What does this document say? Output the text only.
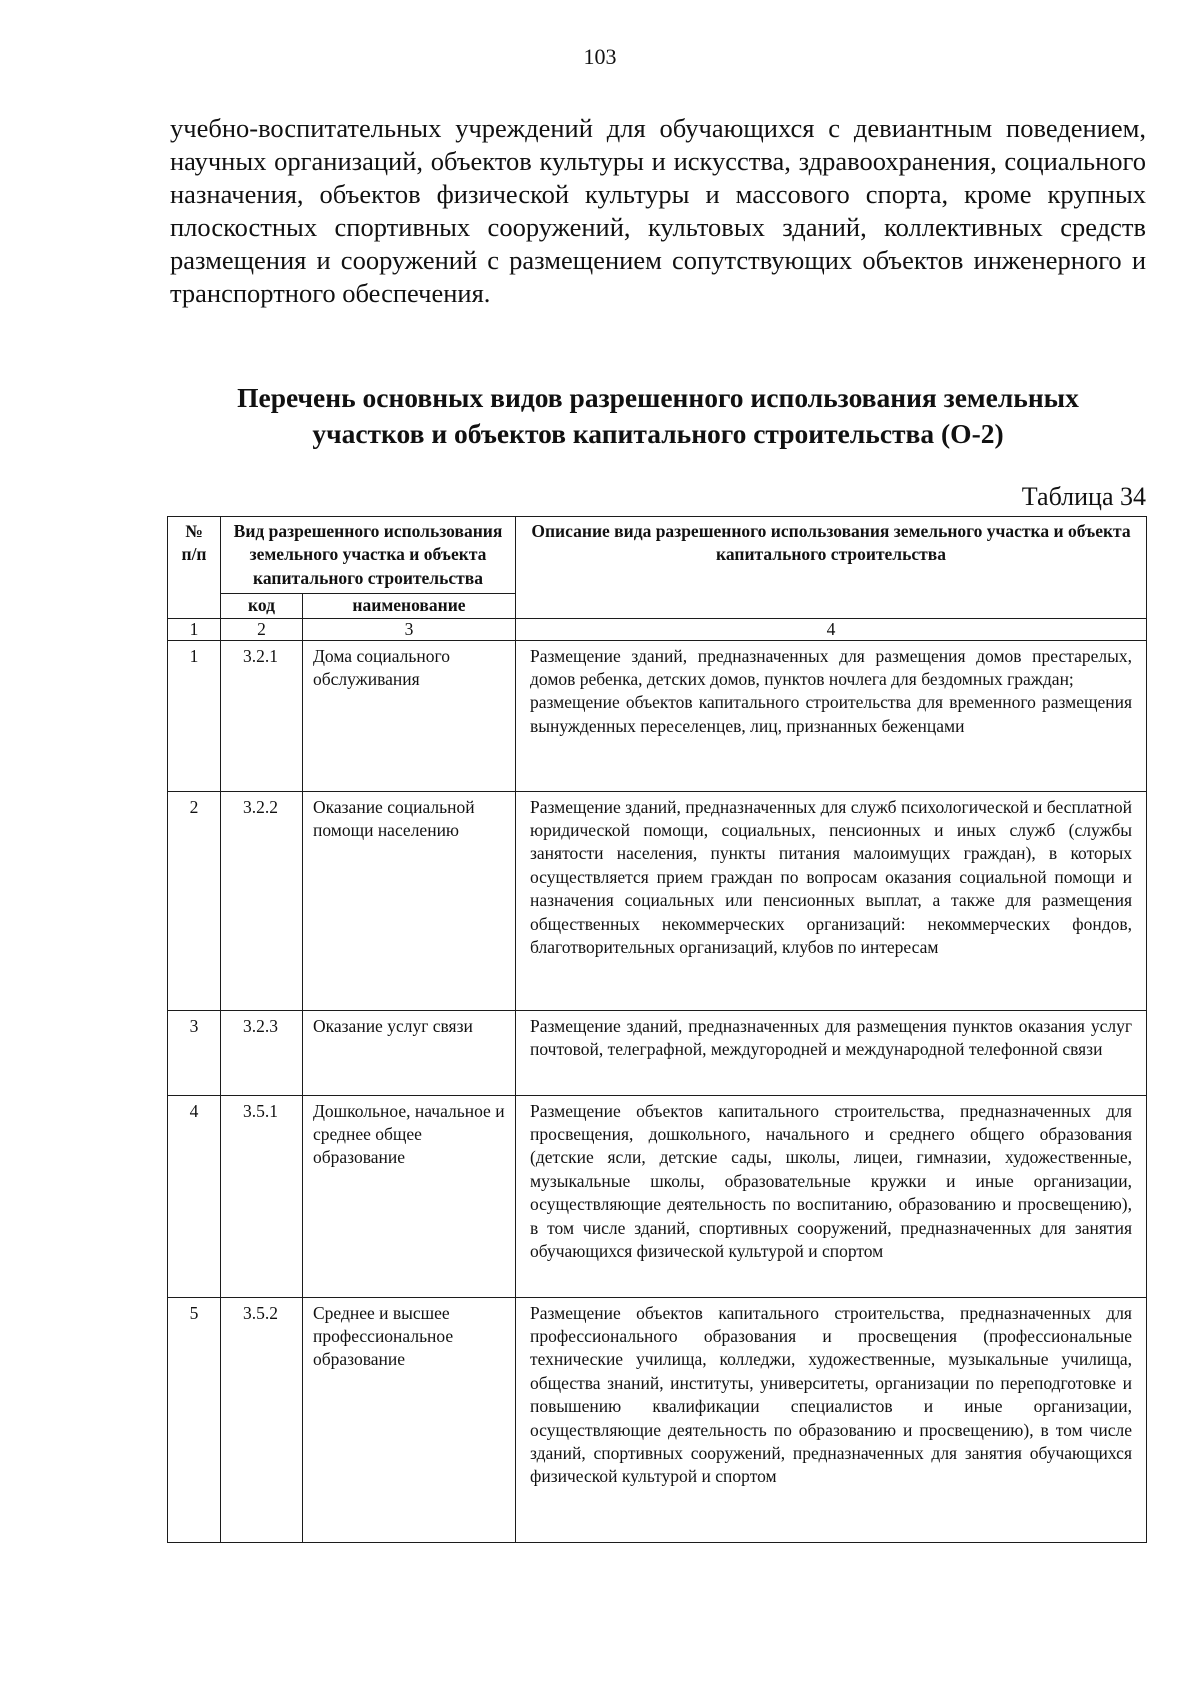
103
учебно-воспитательных учреждений для обучающихся с девиантным поведением, научных организаций, объектов культуры и искусства, здравоохранения, социального назначения, объектов физической культуры и массового спорта, кроме крупных плоскостных спортивных сооружений, культовых зданий, коллективных средств размещения и сооружений с размещением сопутствующих объектов инженерного и транспортного обеспечения.
Перечень основных видов разрешенного использования земельных
участков и объектов капитального строительства (О-2)
Таблица 34
№ п/п	Вид разрешенного использования земельного участка и объекта капитального строительства		Описание вида разрешенного использования земельного участка и объекта капитального строительства
	код	наименование	
1	2	3	4
1	3.2.1	Дома социального обслуживания	Размещение зданий, предназначенных для размещения домов престарелых, домов ребенка, детских домов, пунктов ночлега для бездомных граждан;
размещение объектов капитального строительства для временного размещения вынужденных переселенцев, лиц, признанных беженцами

2	3.2.2	Оказание социальной помощи населению	Размещение зданий, предназначенных для служб психологической и бесплатной юридической помощи, социальных, пенсионных и иных служб (службы занятости населения, пункты питания малоимущих граждан), в которых осуществляется прием граждан по вопросам оказания социальной помощи и назначения социальных или пенсионных выплат, а также для размещения общественных некоммерческих организаций: некоммерческих фондов, благотворительных организаций, клубов по интересам

3	3.2.3	Оказание услуг связи	Размещение зданий, предназначенных для размещения пунктов оказания услуг почтовой, телеграфной, междугородней и международной телефонной связи

4	3.5.1	Дошкольное, начальное и среднее общее образование	Размещение объектов капитального строительства, предназначенных для просвещения, дошкольного, начального и среднего общего образования (детские ясли, детские сады, школы, лицеи, гимназии, художественные, музыкальные школы, образовательные кружки и иные организации, осуществляющие деятельность по воспитанию, образованию и просвещению), в том числе зданий, спортивных сооружений, предназначенных для занятия обучающихся физической культурой и спортом

5	3.5.2	Среднее и высшее профессиональное образование	Размещение объектов капитального строительства, предназначенных для профессионального образования и просвещения (профессиональные технические училища, колледжи, художественные, музыкальные училища, общества знаний, институты, университеты, организации по переподготовке и повышению квалификации специалистов и иные организации, осуществляющие деятельность по образованию и просвещению), в том числе зданий, спортивных сооружений, предназначенных для занятия обучающихся физической культурой и спортом
